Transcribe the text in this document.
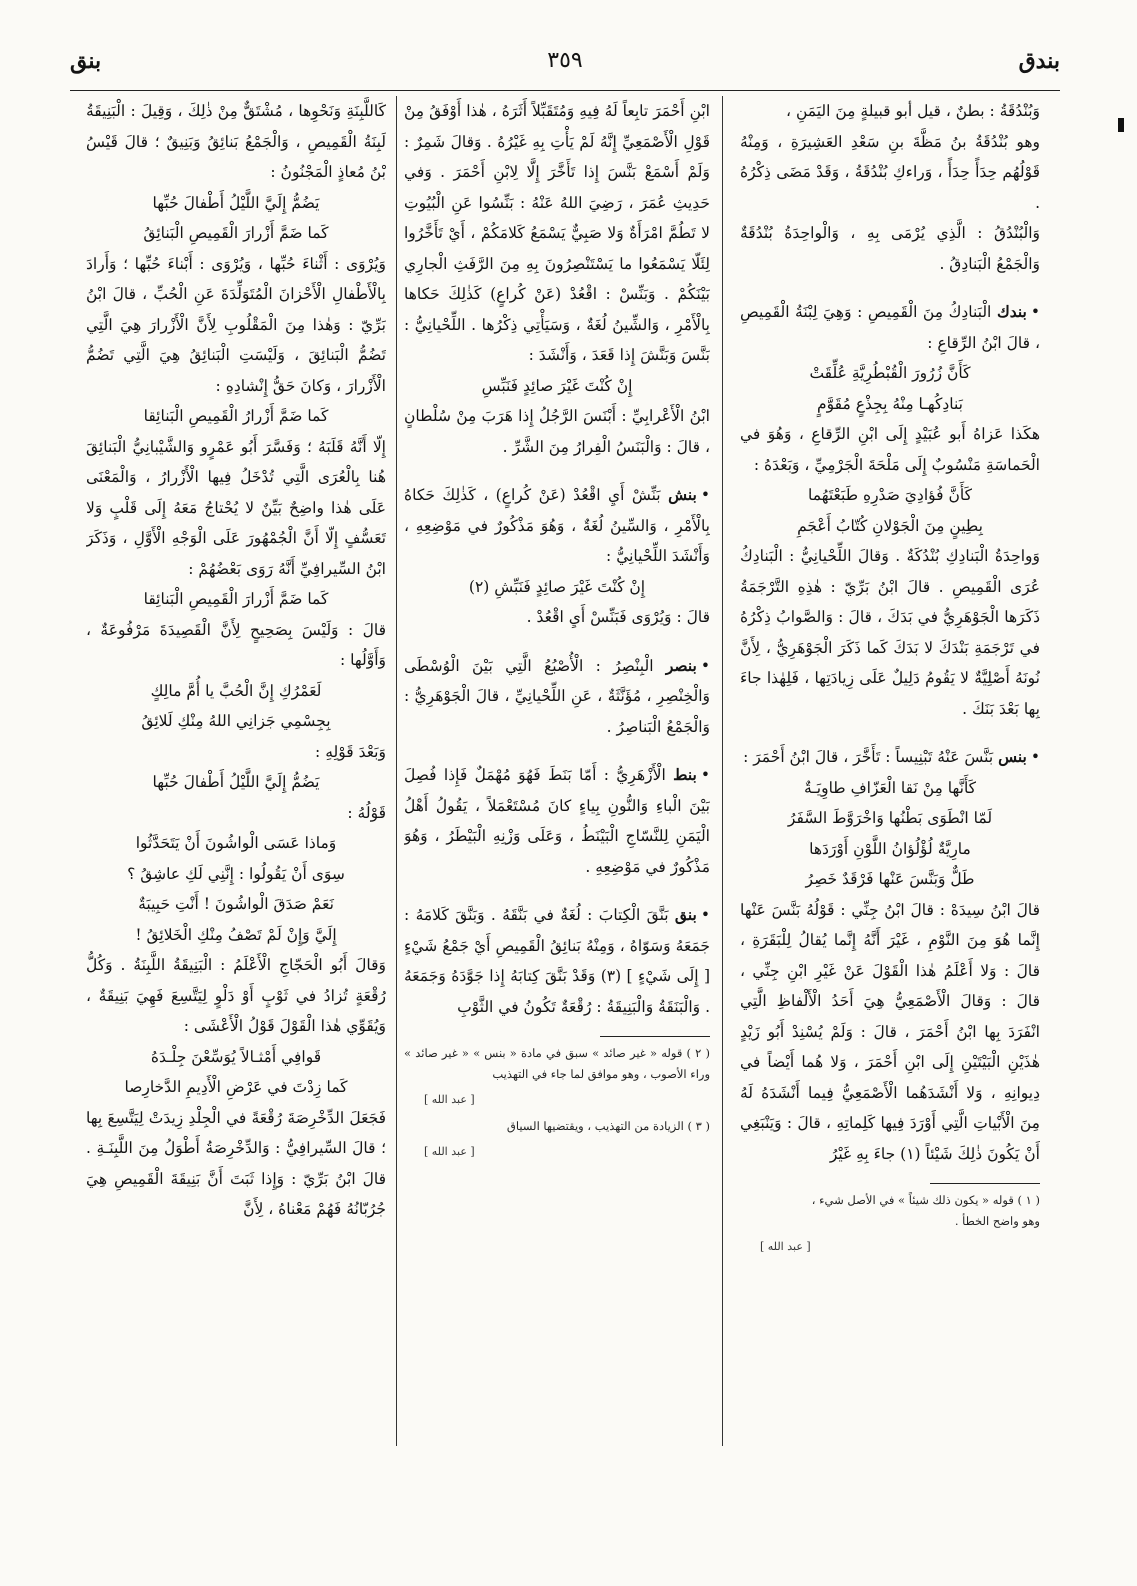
بندق
٣٥٩
بنق

وَبُنْدُقَةُ : بطنٌ ، قيل أبو قبيلةٍ مِنَ اليَمَنِ ،

وهو بُنْدُقَةُ بنُ مَظَّةَ بنِ سَعْدِ العَشِيرَةِ ، وَمِنْهُ قَوْلُهُم حِدَأً حِدَأً ، وَراءكِ بُنْدُقَةُ ، وَقَدْ مَضَى ذِكْرُهُ .

وَالْبُنْدُقُ : الَّذِي يُرْمَى بِهِ ، وَالْواحِدَةُ بُنْدُقَةٌ وَالْجَمْعُ الْبَنادِقُ .

•بندك الْبَنادِكُ مِنَ الْقَمِيصِ : وَهِيَ لِبْنَةُ الْقَمِيصِ ، قالَ ابْنُ الرِّقاعِ :

كَأَنَّ زُرُورَ الْقُبْطُرِيَّةِ عُلِّقَتْ
بَنادِكُهـا مِنْهُ بِجِذْعٍ مُقَوَّمٍ

هكَذا عَزاهُ أَبو عُبَيْدٍ إِلَى ابْنِ الرِّقاعِ ، وَهُوَ في الْحَماسَةِ مَنْسُوبٌ إِلَى مَلْحَةَ الْجَرْمِيِّ ، وَبَعْدَهُ :

كَأَنَّ فُؤادِيَ صَدْرِهِ طَبَعْتَهُما
بِطِينٍ مِنَ الْجَوْلانِ كُتّابُ أَعْجَمِ

وَواحِدَةُ الْبَنادِكِ بُنْدُكَةٌ . وَقالَ اللِّحْيانِيُّ : الْبَنادِكُ عُرَى الْقَمِيصِ . قالَ ابْنُ بَرِّيّ : هٰذِهِ التَّرْجَمَةُ ذَكَرَها الْجَوْهَرِيُّ في بَدَكَ ، قالَ : وَالصَّوابُ ذِكْرُهُ في تَرْجَمَةِ بَنْدَكَ لا بَدَكَ كَما ذَكَرَ الْجَوْهَرِيُّ ، لِأَنَّ نُونَهُ أَصْلِيَّةٌ لا يَقُومُ دَلِيلٌ عَلَى زِيادَتِها ، فَلِهٰذا جاءَ بِها بَعْدَ بَنَكَ .

•بنس بَنَّسَ عَنْهُ تَبْنِيساً : تَأَخَّرَ ، قالَ ابْنُ أَحْمَرَ :

كَأَنَّها مِنْ نَقا الْعَزّافِ طاوِيَـةٌ
لَمّا انْطَوَى بَطْنُها وَاخْرَوَّطَ السَّفَرُ
مارِيَّةٌ لُؤْلُؤانُ اللَّوْنِ أَوْرَدَها
طَلٌّ وَبَنَّسَ عَنْها فَرْقَدٌ خَصِرُ

قالَ ابْنُ سِيدَهْ : قالَ ابْنُ جِنِّي : قَوْلُهُ بَنَّسَ عَنْها إِنَّما هُوَ مِنَ النَّوْمِ ، غَيْرَ أَنَّهُ إِنَّما يُقالُ لِلْبَقَرَةِ ، قالَ : وَلا أَعْلَمُ هٰذا الْقَوْلَ عَنْ غَيْرِ ابْنِ جِنِّي ، قالَ : وَقالَ الْأَصْمَعِيُّ هِيَ أَحَدُ الْأَلْفاظِ الَّتِي انْفَرَدَ بِها ابْنُ أَحْمَرَ ، قالَ : وَلَمْ يُسْنِدْ أَبُو زَيْدٍ هٰذَيْنِ الْبَيْتَيْنِ إِلَى ابْنِ أَحْمَرَ ، وَلا هُما أَيْضاً في دِيوانِهِ ، وَلا أَنْشَدَهُما الْأَصْمَعِيُّ فِيما أَنْشَدَهُ لَهُ مِنَ الْأَبْياتِ الَّتِي أَوْرَدَ فِيها كَلِماتِهِ ، قالَ : وَيَنْبَغِي أَنْ يَكُونَ ذٰلِكَ شَيْئاً (١) جاءَ بِهِ غَيْرُ

( ١ ) قوله « يكون ذلك شيئاً » في الأصل شيء ،

وهو واضح الخطأ .

[ عبد الله ]

ابْنِ أَحْمَرَ تابِعاً لَهُ فِيهِ وَمُتَقَبِّلاً أَثَرَهُ ، هٰذا أَوْفَقُ مِنْ قَوْلِ الْأَصْمَعِيِّ إِنَّهُ لَمْ يَأْتِ بِهِ غَيْرُهُ . وَقالَ شَمِرٌ : وَلَمْ أَسْمَعْ بَنَّسَ إِذا تَأَخَّرَ إِلَّا لِابْنِ أَحْمَرَ . وَفي حَدِيثِ عُمَرَ ، رَضِيَ اللهُ عَنْهُ : بَنِّسُوا عَنِ الْبُيُوتِ لا تَطُمَّ امْرَأَةٌ وَلا صَبِيٌّ يَسْمَعُ كَلامَكُمْ ، أَيْ تَأَخَّرُوا لِئَلّا يَسْمَعُوا ما يَسْتَنْصِرُونَ بِهِ مِنَ الرَّفَثِ الْجارِي بَيْنَكُمْ . وَبَنِّسْ : اقْعُدْ (عَنْ كُراعٍ) كَذٰلِكَ حَكاها بِالْأَمْرِ ، وَالشِّينُ لُغَةٌ ، وَسَيَأْتِي ذِكْرُها . اللِّحْيانِيُّ : بَنَّسَ وَبَنَّشَ إِذا قَعَدَ ، وَأَنْشَدَ :

إِنْ كُنْتَ غَيْرَ صائِدٍ فَنَبِّسِ

ابْنُ الْأَعْرابِيِّ : أَبْنَسَ الرَّجُلُ إِذا هَرَبَ مِنْ سُلْطانٍ ، قالَ : وَالْبَنَسُ الْفِرارُ مِنَ الشَّرِّ .

•بنش بَنِّشْ أَيِ اقْعُدْ (عَنْ كُراعٍ) ، كَذٰلِكَ حَكاهُ بِالْأَمْرِ ، وَالسِّينُ لُغَةٌ ، وَهُوَ مَذْكُورٌ في مَوْضِعِهِ ، وَأَنْشَدَ اللِّحْيانِيُّ :

إِنْ كُنْتَ غَيْرَ صائِدٍ فَنَبِّشِ (٢)

قالَ : وَيُرْوَى فَبَنِّسْ أَيِ اقْعُدْ .

•بنصر الْبِنْصِرُ : الْأُصْبُعُ الَّتِي بَيْنَ الْوُسْطَى وَالْخِنْصِرِ ، مُؤَنَّثَةٌ ، عَنِ اللِّحْيانِيِّ ، قالَ الْجَوْهَرِيُّ : وَالْجَمْعُ الْبَناصِرُ .

•بنط الْأَزْهَرِيُّ : أَمّا بَنَطَ فَهُوَ مُهْمَلٌ فَإِذا فُصِلَ بَيْنَ الْباءِ وَالنُّونِ بِياءٍ كانَ مُسْتَعْمَلاً ، يَقُولُ أَهْلُ الْيَمَنِ لِلنَّسّاجِ الْبَيْنَطُ ، وَعَلَى وَزْنِهِ الْبَيْطَرُ ، وَهُوَ مَذْكُورٌ في مَوْضِعِهِ .

•بنق بَنَّقَ الْكِتابَ : لُغَةٌ في بَنَّقَهُ . وَبَنَّقَ كَلامَهُ : جَمَعَهُ وَسَوّاهُ ، وَمِنْهُ بَنائِقُ الْقَمِيصِ أَيْ جَمْعُ شَيْءٍ [ إِلَى شَيْءٍ ] (٣) وَقَدْ بَنَّقَ كِتابَهُ إِذا جَوَّدَهُ وَجَمَعَهُ . وَالْبَنَقَةُ وَالْبَنِيقَةُ : رُقْعَةٌ تَكُونُ في الثَّوْبِ

( ٢ ) قوله « غير صائد » سبق في مادة « بنس » « غير صائد » وراء الأصوب ، وهو موافق لما جاء في التهذيب

[ عبد الله ]

( ٣ ) الزيادة من التهذيب ، ويقتضيها السياق

[ عبد الله ]

كَاللَّبِنَةِ وَنَحْوِها ، مُشْتَقٌّ مِنْ ذٰلِكَ ، وَقِيلَ : الْبَنِيقَةُ لَبِنَةُ الْقَمِيصِ ، وَالْجَمْعُ بَنائِقُ وَبَنِيقٌ ؛ قالَ قَيْسُ بْنُ مُعاذٍ الْمَجْنُونُ :

يَضُمُّ إِلَيَّ اللَّيْلُ أَطْفالَ حُبِّها
كَما ضَمَّ أَزْرارَ الْقَمِيصِ الْبَنائِقُ

وَيُرْوَى : أَثْناءَ حُبِّها ، وَيُرْوَى : أَبْناءَ حُبِّها ؛ وَأَرادَ بِالْأَطْفالِ الْأَحْزانَ الْمُتَوَلِّدَةَ عَنِ الْحُبِّ ، قالَ ابْنُ بَرِّيّ : وَهٰذا مِنَ الْمَقْلُوبِ لِأَنَّ الْأَزْرارَ هِيَ الَّتِي تَضُمُّ الْبَنائِقَ ، وَلَيْسَتِ الْبَنائِقُ هِيَ الَّتِي تَضُمُّ الْأَزْرارَ ، وَكانَ حَقُّ إِنْشادِهِ :

كَما ضَمَّ أَزْرارُ الْقَمِيصِ الْبَنائِقا

إِلّا أَنَّهُ قَلَبَهُ ؛ وَفَسَّرَ أَبُو عَمْرٍو وَالشَّيْبانِيُّ الْبَنائِقَ هُنا بِالْعُرَى الَّتِي تُدْخَلُ فِيها الْأَزْرارُ ، وَالْمَعْنَى عَلَى هٰذا واضِحٌ بَيِّنٌ لا يُحْتاجُ مَعَهُ إِلَى قَلْبٍ وَلا تَعَسُّفٍ إِلّا أَنَّ الْجُمْهُورَ عَلَى الْوَجْهِ الْأَوَّلِ ، وَذَكَرَ ابْنُ السِّيرافِيِّ أَنَّهُ رَوَى بَعْضُهُمْ :

كَما ضَمَّ أَزْرارَ الْقَمِيصِ الْبَنائِقا

قالَ : وَلَيْسَ بِصَحِيحٍ لِأَنَّ الْقَصِيدَةَ مَرْفُوعَةٌ ، وَأَوَّلُها :

لَعَمْرُكِ إِنَّ الْحُبَّ يا أُمَّ مالِكٍ
بِجِسْمِي جَزانِي اللهُ مِنْكِ لَلائِقُ

وَبَعْدَ قَوْلِهِ :

يَضُمُّ إِلَيَّ اللَّيْلُ أَطْفالَ حُبِّها

قَوْلُهُ :

وَماذا عَسَى الْواشُونَ أَنْ يَتَحَدَّثُوا
سِوَى أَنْ يَقُولُوا : إِنَّنِي لَكِ عاشِقُ ؟
نَعَمْ صَدَقَ الْواشُونَ ! أَنْتِ حَبِيبَةٌ
إِلَيَّ وَإِنْ لَمْ تَصْفُ مِنْكِ الْخَلائِقُ !

وَقالَ أَبُو الْحَجّاجِ الْأَعْلَمُ : الْبَنِيقَةُ اللَّبِنَةُ . وَكُلُّ رُقْعَةٍ تُزادُ في ثَوْبٍ أَوْ دَلْوٍ لِيَتَّسِعَ فَهِيَ بَنِيقَةٌ ، وَيُقَوِّي هٰذا الْقَوْلَ قَوْلُ الْأَعْشَى :

قَوافِي أَمْثـالاً يُوَسِّعْنَ جِلْـدَهُ
كَما زِدْتَ في عَرْضِ الْأَدِيمِ الدَّخارِصا

فَجَعَلَ الدِّخْرِصَةَ رُقْعَةً في الْجِلْدِ زِيدَتْ لِيَتَّسِعَ بِها ؛ قالَ السِّيرافِيُّ : وَالدِّخْرِصَةُ أَطْوَلُ مِنَ اللَّبِنَـةِ . قالَ ابْنُ بَرِّيّ : وَإِذا ثَبَتَ أَنَّ بَنِيقَةَ الْقَمِيصِ هِيَ جُرُبّانُهُ فَهُمْ مَعْناهُ ، لِأَنَّ
